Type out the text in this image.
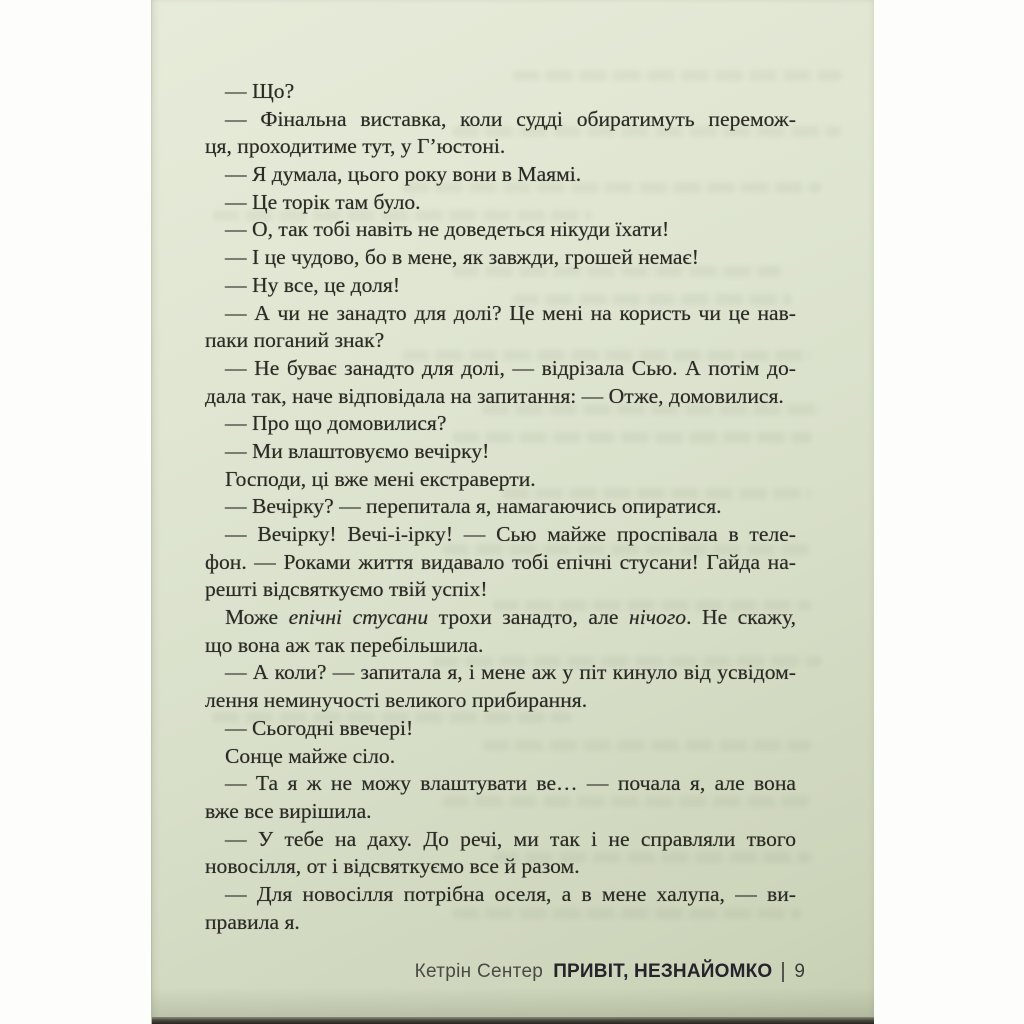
— Що?
— Фінальна виставка, коли судді обиратимуть перемож-
ця, проходитиме тут, у Г’юстоні.
— Я думала, цього року вони в Маямі.
— Це торік там було.
— О, так тобі навіть не доведеться нікуди їхати!
— І це чудово, бо в мене, як завжди, грошей немає!
— Ну все, це доля!
— А чи не занадто для долі? Це мені на користь чи це нав-
паки поганий знак?
— Не буває занадто для долі, — відрізала Сью. А потім до-
дала так, наче відповідала на запитання: — Отже, домовилися.
— Про що домовилися?
— Ми влаштовуємо вечірку!
Господи, ці вже мені екстраверти.
— Вечірку? — перепитала я, намагаючись опиратися.
— Вечірку! Вечі-і-ірку! — Сью майже проспівала в теле-
фон. — Роками життя видавало тобі епічні стусани! Гайда на-
решті відсвяткуємо твій успіх!
Може епічні стусани трохи занадто, але нічого. Не скажу,
що вона аж так перебільшила.
— А коли? — запитала я, і мене аж у піт кинуло від усвідом-
лення неминучості великого прибирання.
— Сьогодні ввечері!
Сонце майже сіло.
— Та я ж не можу влаштувати ве… — почала я, але вона
вже все вирішила.
— У тебе на даху. До речі, ми так і не справляли твого
новосілля, от і відсвяткуємо все й разом.
— Для новосілля потрібна оселя, а в мене халупа, — ви-
правила я.
Кетрін Сентер ПРИВІТ, НЕЗНАЙОМКО 9
